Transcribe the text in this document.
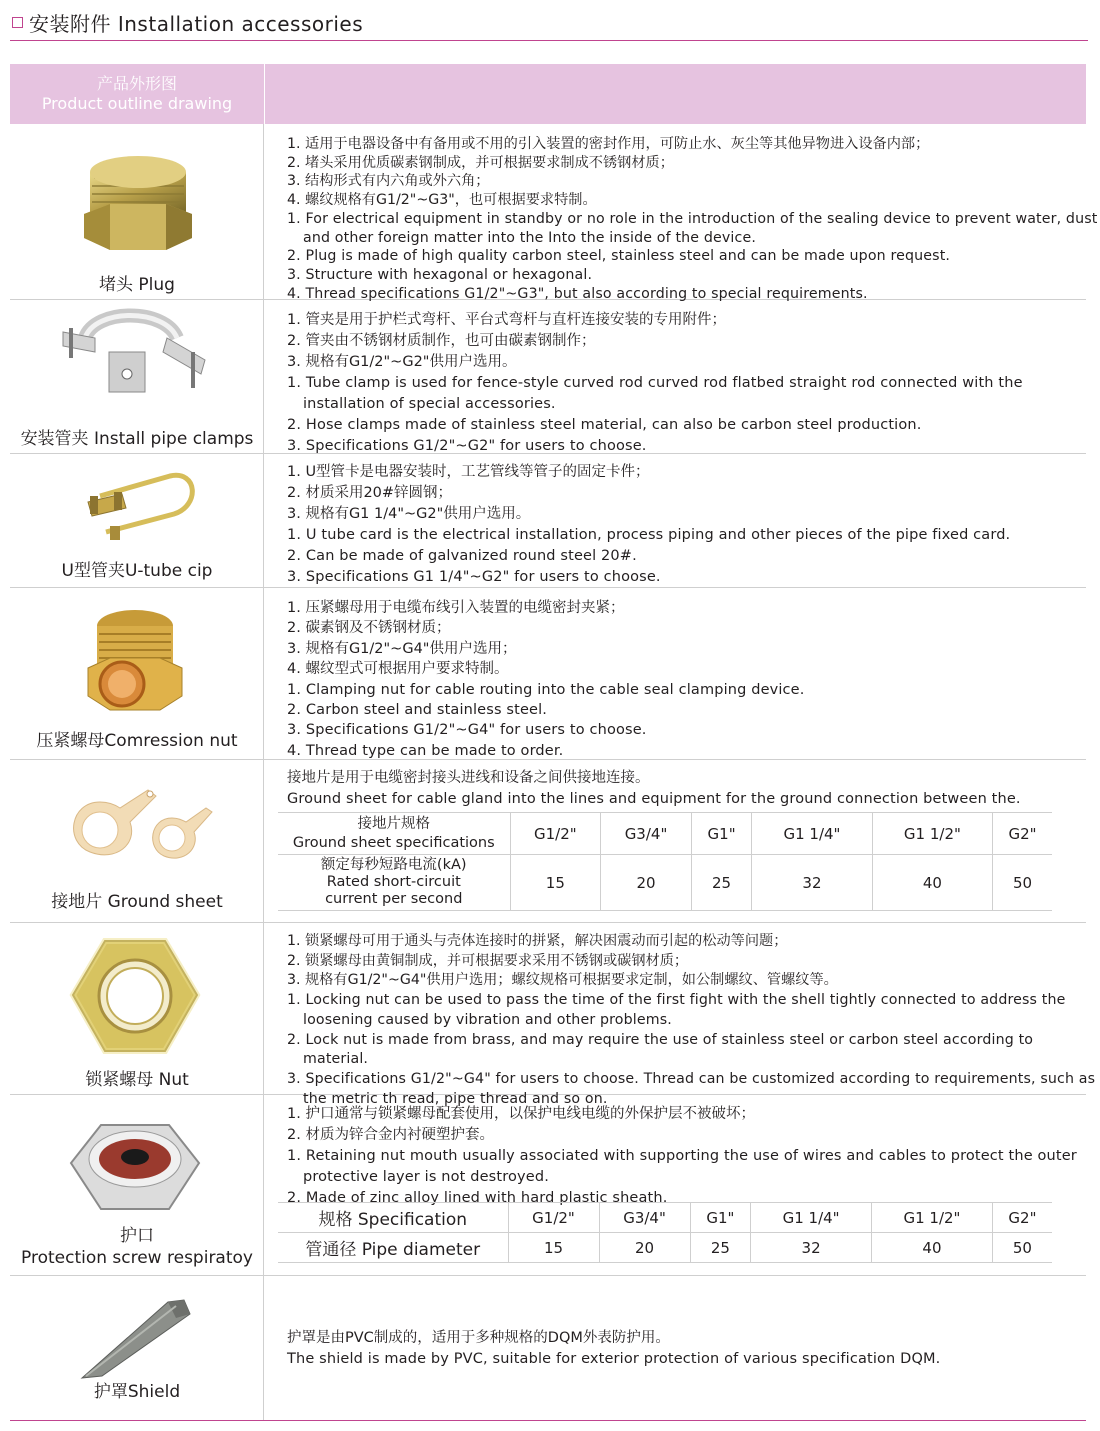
安装附件 Installation accessories
产品外形图
Product outline drawing
堵头 Plug
1. 适用于电器设备中有备用或不用的引入装置的密封作用，可防止水、灰尘等其他异物进入设备内部；
2. 堵头采用优质碳素钢制成，并可根据要求制成不锈钢材质；
3. 结构形式有内六角或外六角；
4. 螺纹规格有G1/2"~G3"，也可根据要求特制。
1. For electrical equipment in standby or no role in the introduction of the sealing device to prevent water, dust and other foreign matter into the Into the inside of the device.
2. Plug is made of high quality carbon steel, stainless steel and can be made upon request.
3. Structure with hexagonal or hexagonal.
4. Thread specifications G1/2"~G3", but also according to special requirements.
安装管夹 Install pipe clamps
1. 管夹是用于护栏式弯杆、平台式弯杆与直杆连接安装的专用附件；
2. 管夹由不锈钢材质制作，也可由碳素钢制作；
3. 规格有G1/2"~G2"供用户选用。
1. Tube clamp is used for fence-style curved rod curved rod flatbed straight rod connected with the installation of special accessories.
2. Hose clamps made of stainless steel material, can also be carbon steel production.
3. Specifications G1/2"~G2" for users to choose.
U型管夹U-tube cip
1. U型管卡是电器安装时，工艺管线等管子的固定卡件；
2. 材质采用20#锌圆钢；
3. 规格有G1 1/4"~G2"供用户选用。
1. U tube card is the electrical installation, process piping and other pieces of the pipe fixed card.
2. Can be made of galvanized round steel 20#.
3. Specifications G1 1/4"~G2" for users to choose.
压紧螺母Comression nut
1. 压紧螺母用于电缆布线引入装置的电缆密封夹紧；
2. 碳素钢及不锈钢材质；
3. 规格有G1/2"~G4"供用户选用；
4. 螺纹型式可根据用户要求特制。
1. Clamping nut for cable routing into the cable seal clamping device.
2. Carbon steel and stainless steel.
3. Specifications G1/2"~G4" for users to choose.
4. Thread type can be made to order.
接地片 Ground sheet
接地片是用于电缆密封接头进线和设备之间供接地连接。
Ground sheet for cable gland into the lines and equipment for the ground connection between the.
接地片规格
Ground sheet specifications	G1/2"	G3/4"	G1"	G1 1/4"	G1 1/2"	G2"

额定每秒短路电流(kA)
Rated short-circuit
current per second	15	20	25	32	40	50
锁紧螺母 Nut
1. 锁紧螺母可用于通头与壳体连接时的拼紧，解决困震动而引起的松动等问题；
2. 锁紧螺母由黄铜制成，并可根据要求采用不锈钢或碳钢材质；
3. 规格有G1/2"~G4"供用户选用；螺纹规格可根据要求定制，如公制螺纹、管螺纹等。
1. Locking nut can be used to pass the time of the first fight with the shell tightly connected to address the loosening caused by vibration and other problems.
2. Lock nut is made from brass, and may require the use of stainless steel or carbon steel according to material.
3. Specifications G1/2"~G4" for users to choose. Thread can be customized according to requirements, such as the metric th read, pipe thread and so on.
护口
Protection screw respiratoy
1. 护口通常与锁紧螺母配套使用，以保护电线电缆的外保护层不被破坏；
2. 材质为锌合金内衬硬塑护套。
1. Retaining nut mouth usually associated with supporting the use of wires and cables to protect the outer protective layer is not destroyed.
2. Made of zinc alloy lined with hard plastic sheath.
规格 Specification	G1/2"	G3/4"	G1"	G1 1/4"	G1 1/2"	G2"
管通径 Pipe diameter	15	20	25	32	40	50
护罩Shield
护罩是由PVC制成的，适用于多种规格的DQM外表防护用。
The shield is made by PVC, suitable for exterior protection of various specification DQM.
